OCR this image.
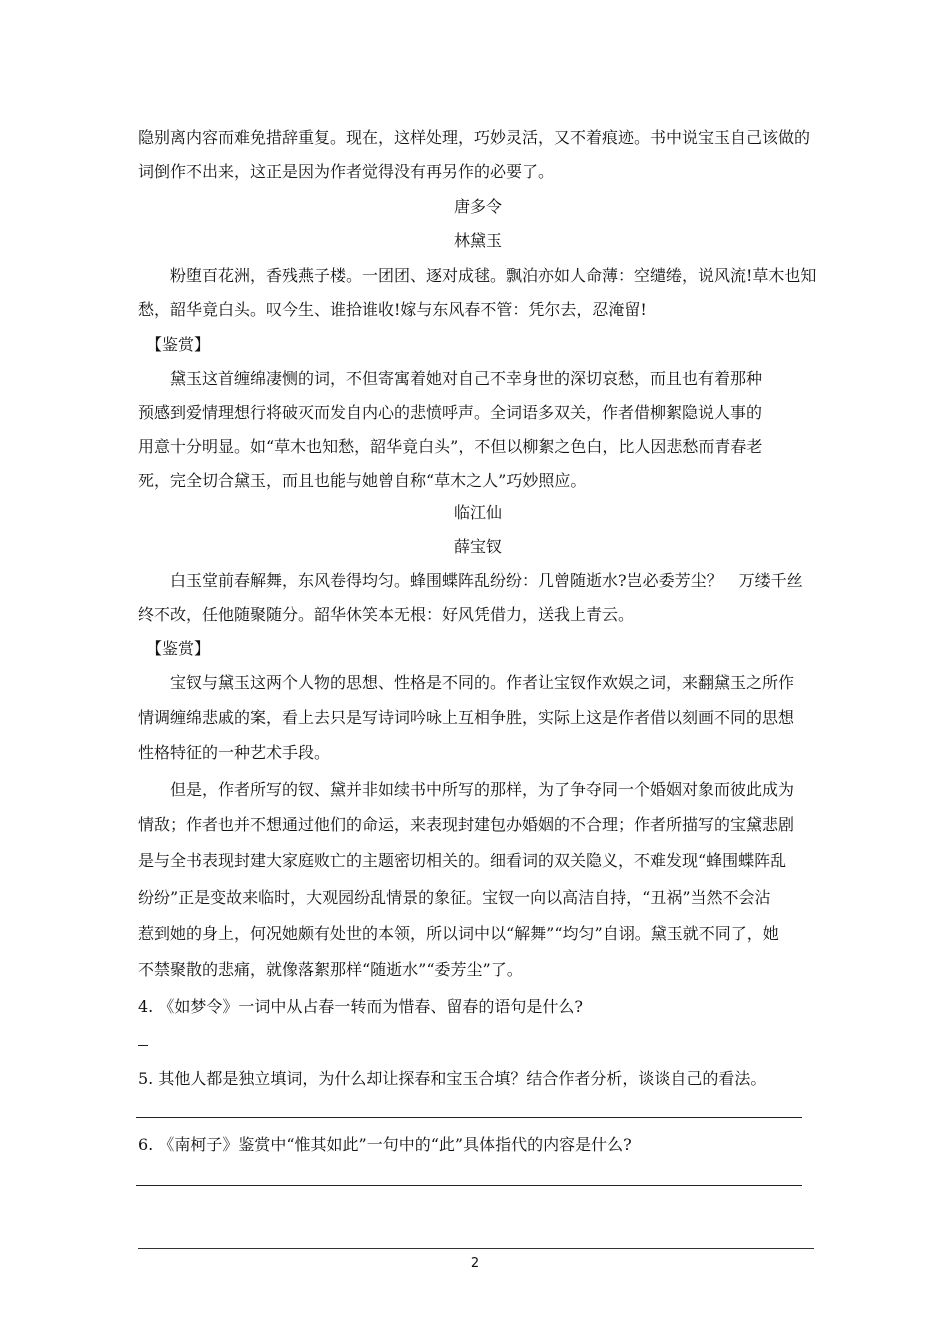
隐别离内容而难免措辞重复。现在，这样处理，巧妙灵活，又不着痕迹。书中说宝玉自己该做的
词倒作不出来，这正是因为作者觉得没有再另作的必要了。
唐多令
林黛玉
　　粉堕百花洲，香残燕子楼。一团团、逐对成毬。飘泊亦如人命薄：空缱绻，说风流!草木也知
愁，韶华竟白头。叹今生、谁拾谁收!嫁与东风春不管：凭尔去，忍淹留!
　【鉴赏】
　　黛玉这首缠绵凄恻的词，不但寄寓着她对自己不幸身世的深切哀愁，而且也有着那种
预感到爱情理想行将破灭而发自内心的悲愤呼声。全词语多双关，作者借柳絮隐说人事的
用意十分明显。如“草木也知愁，韶华竟白头”，不但以柳絮之色白，比人因悲愁而青春老
死，完全切合黛玉，而且也能与她曾自称“草木之人”巧妙照应。
临江仙
薛宝钗
　　白玉堂前春解舞，东风卷得均匀。蜂围蝶阵乱纷纷：几曾随逝水?岂必委芳尘？　万缕千丝
终不改，任他随聚随分。韶华休笑本无根：好风凭借力，送我上青云。
　【鉴赏】
　　宝钗与黛玉这两个人物的思想、性格是不同的。作者让宝钗作欢娱之词，来翻黛玉之所作
情调缠绵悲戚的案，看上去只是写诗词吟咏上互相争胜，实际上这是作者借以刻画不同的思想
性格特征的一种艺术手段。
　　但是，作者所写的钗、黛并非如续书中所写的那样，为了争夺同一个婚姻对象而彼此成为
情敌；作者也并不想通过他们的命运，来表现封建包办婚姻的不合理；作者所描写的宝黛悲剧
是与全书表现封建大家庭败亡的主题密切相关的。细看词的双关隐义，不难发现“蜂围蝶阵乱
纷纷”正是变故来临时，大观园纷乱情景的象征。宝钗一向以高洁自持，“丑祸”当然不会沾
惹到她的身上，何况她颇有处世的本领，所以词中以“解舞”“均匀”自诩。黛玉就不同了，她
不禁聚散的悲痛，就像落絮那样“随逝水”“委芳尘”了。
4. 《如梦令》一词中从占春一转而为惜春、留春的语句是什么?
5. 其他人都是独立填词，为什么却让探春和宝玉合填？结合作者分析，谈谈自己的看法。
6. 《南柯子》鉴赏中“惟其如此”一句中的“此”具体指代的内容是什么?
2
